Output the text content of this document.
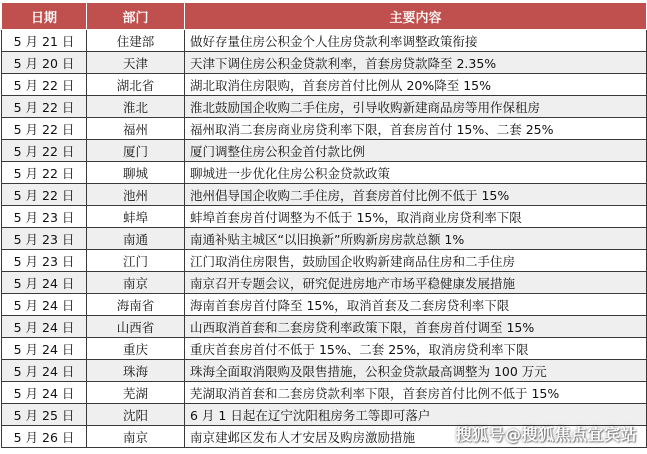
日期	部门	主要内容
5 月 21 日	住建部	做好存量住房公积金个人住房贷款利率调整政策衔接
5 月 20 日	天津	天津下调住房公积金贷款利率，首套房贷款降至 2.35%
5 月 22 日	湖北省	湖北取消住房限购，首套房首付比例从 20%降至 15%
5 月 22 日	淮北	淮北鼓励国企收购二手住房，引导收购新建商品房等用作保租房
5 月 22 日	福州	福州取消二套房商业房贷利率下限，首套房首付 15%、二套 25%
5 月 22 日	厦门	厦门调整住房公积金首付款比例
5 月 22 日	聊城	聊城进一步优化住房公积金贷款政策
5 月 22 日	池州	池州倡导国企收购二手住房，首套房首付比例不低于 15%
5 月 23 日	蚌埠	蚌埠首套房首付调整为不低于 15%，取消商业房贷利率下限
5 月 23 日	南通	南通补贴主城区“以旧换新”所购新房房款总额 1%
5 月 23 日	江门	江门取消住房限售，鼓励国企收购新建商品住房和二手住房
5 月 24 日	南京	南京召开专题会议，研究促进房地产市场平稳健康发展措施
5 月 24 日	海南省	海南首套房首付降至 15%，取消首套及二套房贷利率下限
5 月 24 日	山西省	山西取消首套和二套房贷利率政策下限，首套房首付调至 15%
5 月 24 日	重庆	重庆首套房首付不低于 15%、二套 25%，取消房贷利率下限
5 月 24 日	珠海	珠海全面取消限购及限售措施，公积金贷款最高调整为 100 万元
5 月 24 日	芜湖	芜湖取消首套和二套房贷款利率下限，首套房首付比例不低于 15%
5 月 25 日	沈阳	6 月 1 日起在辽宁沈阳租房务工等即可落户
5 月 26 日	南京	南京建邺区发布人才安居及购房激励措施	搜狐号@搜狐焦点宜宾站
